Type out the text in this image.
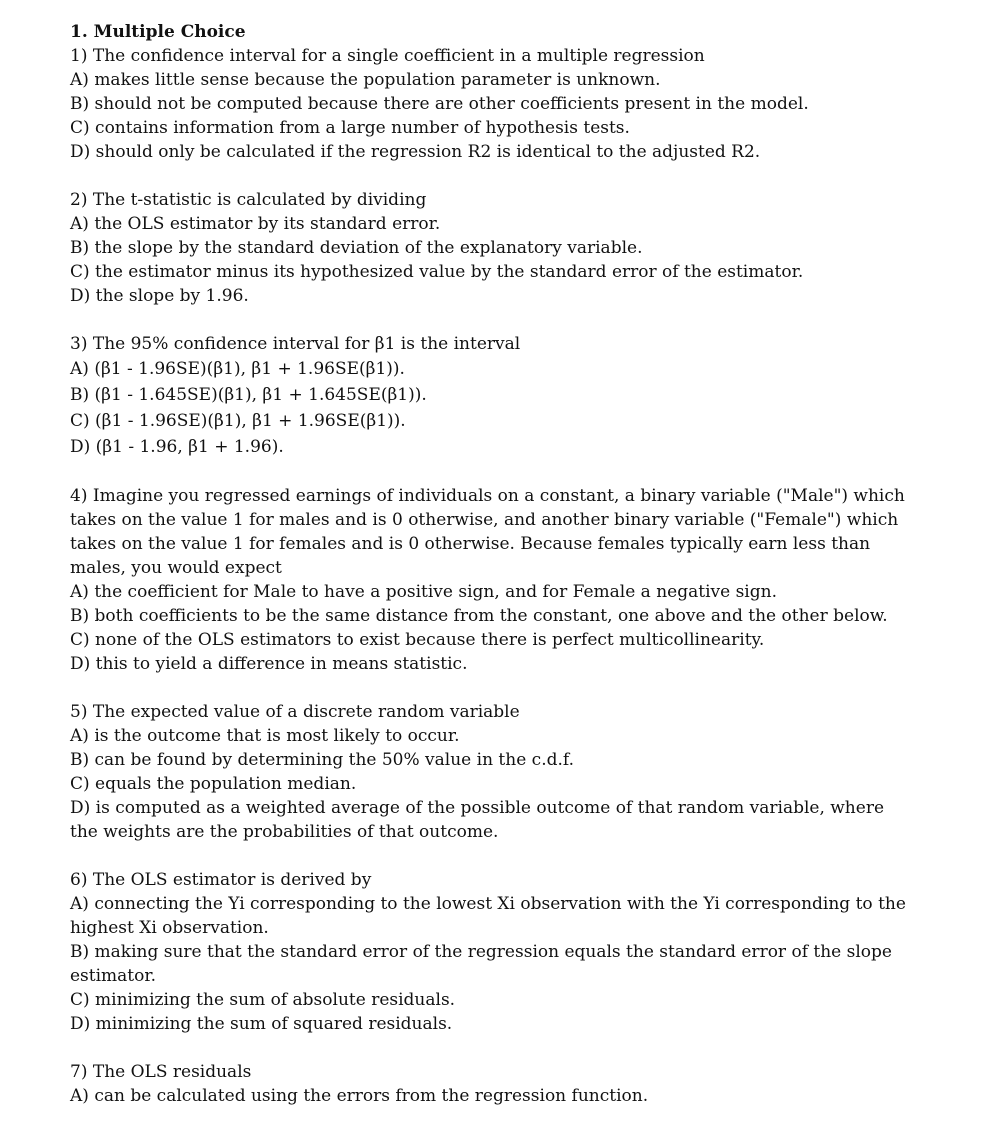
1. Multiple Choice

1) The confidence interval for a single coefficient in a multiple regression

A) makes little sense because the population parameter is unknown.

B) should not be computed because there are other coefficients present in the model.

C) contains information from a large number of hypothesis tests.

D) should only be calculated if the regression R2 is identical to the adjusted R2.

2) The t-statistic is calculated by dividing

A) the OLS estimator by its standard error.

B) the slope by the standard deviation of the explanatory variable.

C) the estimator minus its hypothesized value by the standard error of the estimator.

D) the slope by 1.96.

3) The 95% confidence interval for β1 is the interval

A) (β1 - 1.96SE)(β1), β1 + 1.96SE(β1)).

B) (β1 - 1.645SE)(β1), β1 + 1.645SE(β1)).

C) (β1 - 1.96SE)(β1), β1 + 1.96SE(β1)).

D) (β1 - 1.96, β1 + 1.96).

4) Imagine you regressed earnings of individuals on a constant, a binary variable ("Male") which takes on the value 1 for males and is 0 otherwise, and another binary variable ("Female") which takes on the value 1 for females and is 0 otherwise. Because females typically earn less than males, you would expect

A) the coefficient for Male to have a positive sign, and for Female a negative sign.

B) both coefficients to be the same distance from the constant, one above and the other below.

C) none of the OLS estimators to exist because there is perfect multicollinearity.

D) this to yield a difference in means statistic.

5) The expected value of a discrete random variable

A) is the outcome that is most likely to occur.

B) can be found by determining the 50% value in the c.d.f.

C) equals the population median.

D) is computed as a weighted average of the possible outcome of that random variable, where the weights are the probabilities of that outcome.

6) The OLS estimator is derived by

A) connecting the Yi corresponding to the lowest Xi observation with the Yi corresponding to the highest Xi observation.

B) making sure that the standard error of the regression equals the standard error of the slope estimator.

C) minimizing the sum of absolute residuals.

D) minimizing the sum of squared residuals.

7) The OLS residuals

A) can be calculated using the errors from the regression function.
